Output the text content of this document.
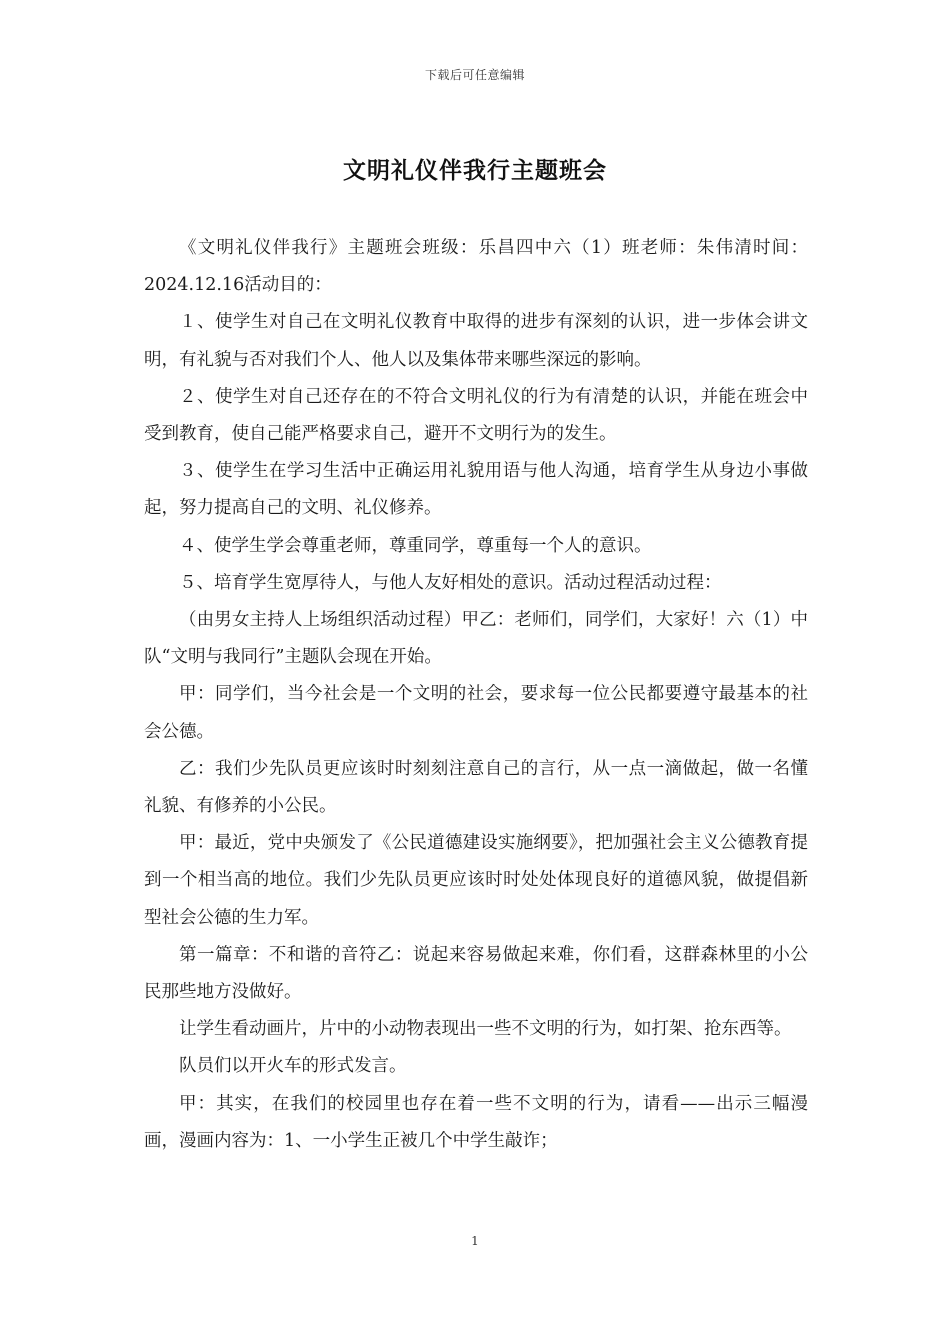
下载后可任意编辑
文明礼仪伴我行主题班会

《文明礼仪伴我行》主题班会班级：乐昌四中六（1）班老师：朱伟清时间：2024.12.16活动目的：

１、使学生对自己在文明礼仪教育中取得的进步有深刻的认识，进一步体会讲文明，有礼貌与否对我们个人、他人以及集体带来哪些深远的影响。

２、使学生对自己还存在的不符合文明礼仪的行为有清楚的认识，并能在班会中受到教育，使自己能严格要求自己，避开不文明行为的发生。

３、使学生在学习生活中正确运用礼貌用语与他人沟通，培育学生从身边小事做起，努力提高自己的文明、礼仪修养。

４、使学生学会尊重老师，尊重同学，尊重每一个人的意识。

５、培育学生宽厚待人，与他人友好相处的意识。活动过程活动过程：

（由男女主持人上场组织活动过程）甲乙：老师们，同学们，大家好！六（1）中队“文明与我同行”主题队会现在开始。

甲：同学们，当今社会是一个文明的社会，要求每一位公民都要遵守最基本的社会公德。

乙：我们少先队员更应该时时刻刻注意自己的言行，从一点一滴做起，做一名懂礼貌、有修养的小公民。

甲：最近，党中央颁发了《公民道德建设实施纲要》，把加强社会主义公德教育提到一个相当高的地位。我们少先队员更应该时时处处体现良好的道德风貌，做提倡新型社会公德的生力军。

第一篇章：不和谐的音符乙：说起来容易做起来难，你们看，这群森林里的小公民那些地方没做好。

让学生看动画片，片中的小动物表现出一些不文明的行为，如打架、抢东西等。

队员们以开火车的形式发言。

甲：其实，在我们的校园里也存在着一些不文明的行为，请看——出示三幅漫画，漫画内容为：1、一小学生正被几个中学生敲诈；

1
